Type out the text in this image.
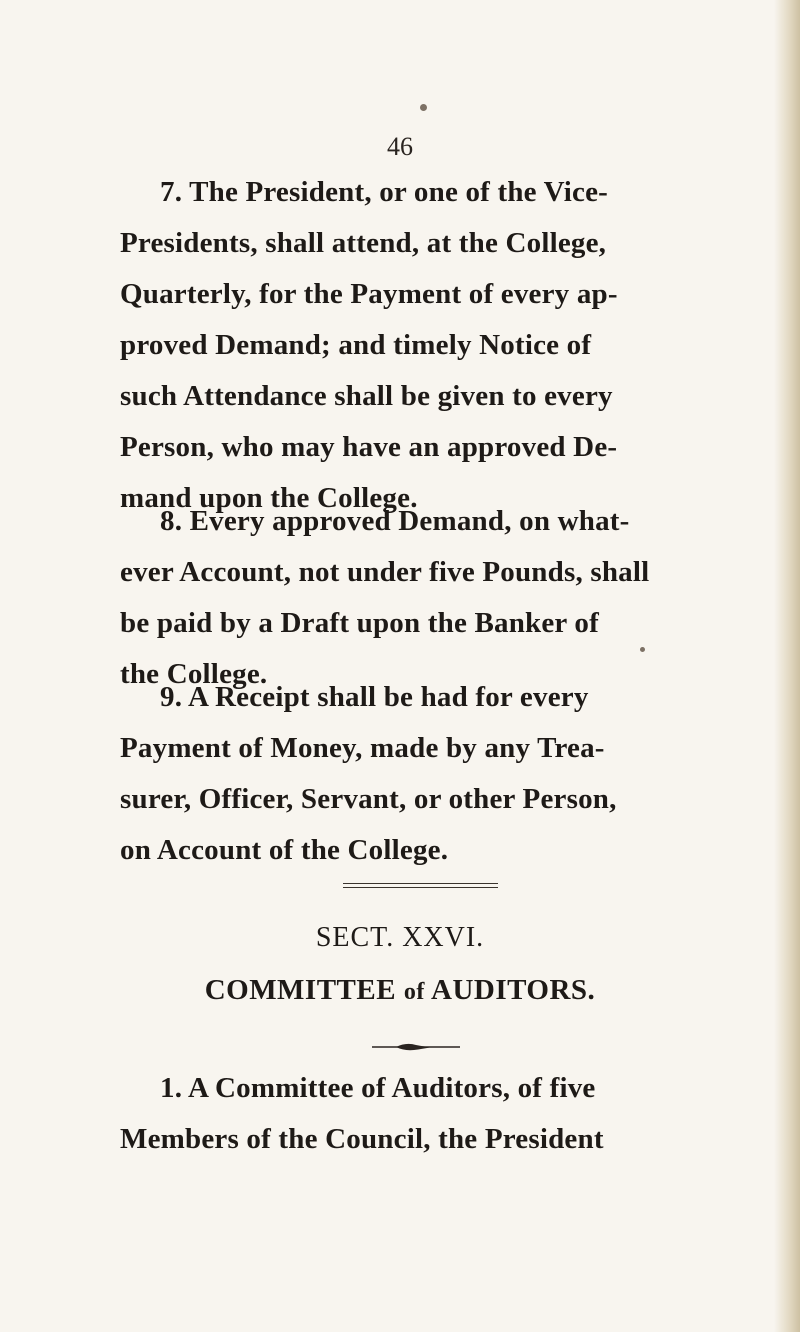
46
7. The President, or one of the Vice-
Presidents, shall attend, at the College,
Quarterly, for the Payment of every ap-
proved Demand; and timely Notice of
such Attendance shall be given to every
Person, who may have an approved De-
mand upon the College.
8. Every approved Demand, on what-
ever Account, not under five Pounds, shall
be paid by a Draft upon the Banker of
the College.
9. A Receipt shall be had for every
Payment of Money, made by any Trea-
surer, Officer, Servant, or other Person,
on Account of the College.
SECT. XXVI.
COMMITTEE of AUDITORS.
1. A Committee of Auditors, of five
Members of the Council, the President
